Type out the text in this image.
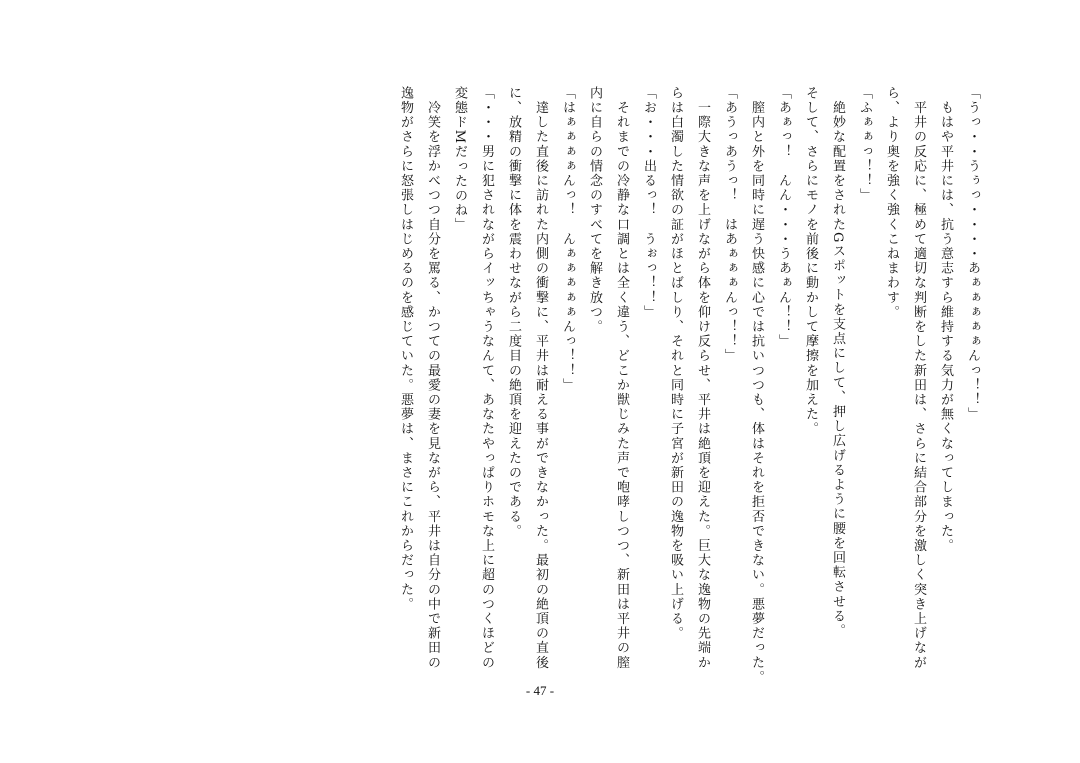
「うっ・・うぅっ・・・・あぁぁぁぁぁんっ！！」
　もはや平井には、抗う意志すら維持する気力が無くなってしまった。
　平井の反応に、極めて適切な判断をした新田は、さらに結合部分を激しく突き上げなが
ら、より奥を強く強くこねまわす。
「ふぁぁっ！！」
　絶妙な配置をされたGスポットを支点にして、押し広げるように腰を回転させる。
そして、さらにモノを前後に動かして摩擦を加えた。
「あぁっ！　んん・・・うあぁん！！」
　膣内と外を同時に遅う快感に心では抗いつつも、体はそれを拒否できない。悪夢だった。
「あうっあうっ！　はあぁぁぁんっ！！」
　一際大きな声を上げながら体を仰け反らせ、平井は絶頂を迎えた。巨大な逸物の先端か
らは白濁した情欲の証がほとばしり、それと同時に子宮が新田の逸物を吸い上げる。
「お・・・出るっ！　うぉっ！！」
　それまでの冷静な口調とは全く違う、どこか獣じみた声で咆哮しつつ、新田は平井の膣
内に自らの情念のすべてを解き放つ。
「はぁぁぁぁんっ！　んぁぁぁぁぁんっ！！」
　達した直後に訪れた内側の衝撃に、平井は耐える事ができなかった。最初の絶頂の直後
に、放精の衝撃に体を震わせながら二度目の絶頂を迎えたのである。
「・・・男に犯されながらイッちゃうなんて、あなたやっぱりホモな上に超のつくほどの
変態ドMだったのね」
　冷笑を浮かべつつ自分を罵る、かつての最愛の妻を見ながら、平井は自分の中で新田の
逸物がさらに怒張しはじめるのを感じていた。悪夢は、まさにこれからだった。
- 47 -
